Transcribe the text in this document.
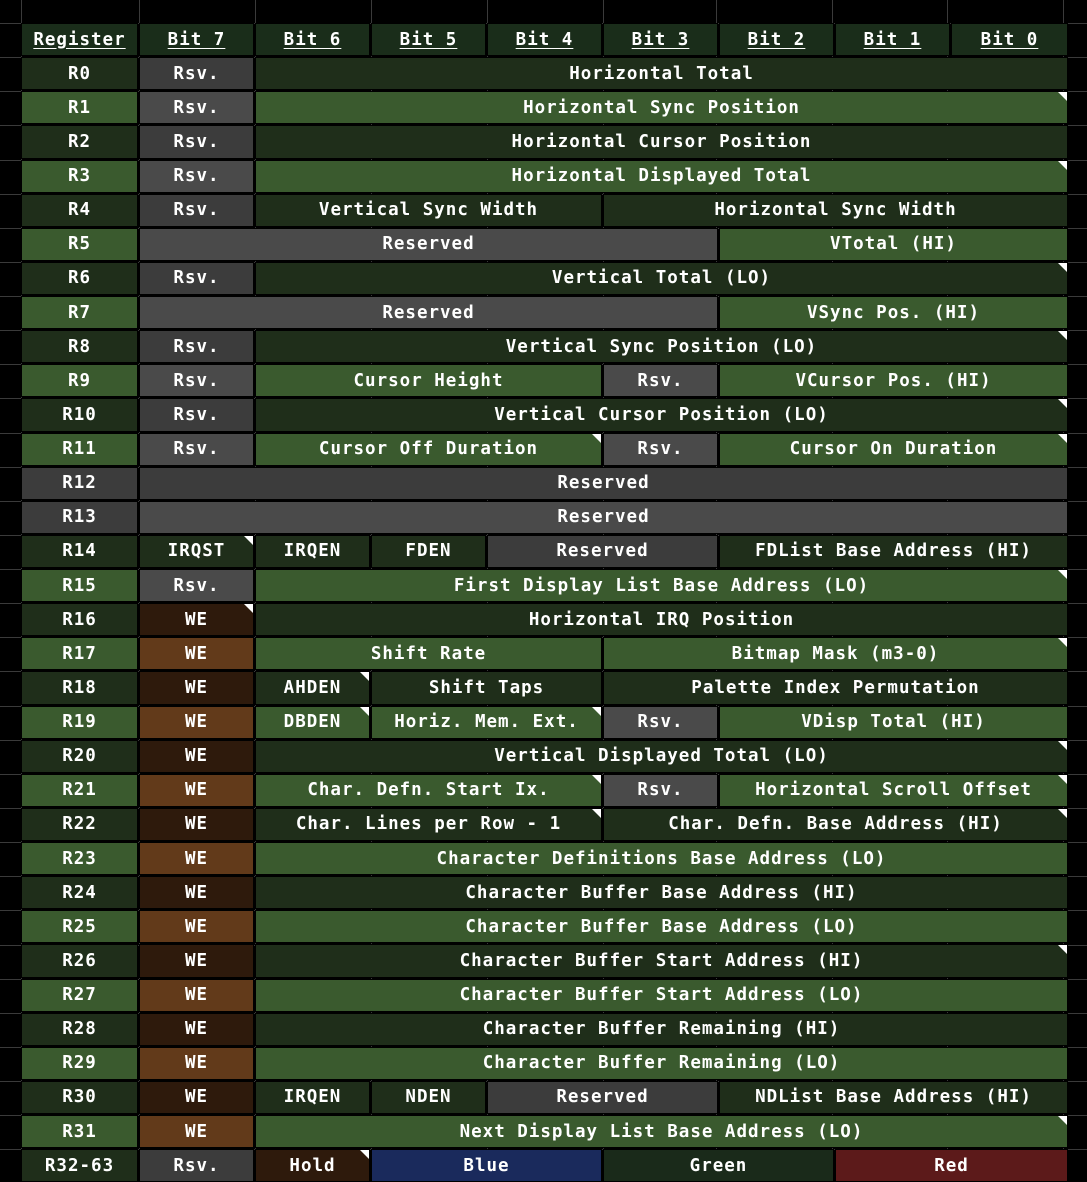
Register	Bit 7	Bit 6	Bit 5	Bit 4	Bit 3	Bit 2	Bit 1	Bit 0
R0	Rsv.	Horizontal Total
R1	Rsv.	Horizontal Sync Position
R2	Rsv.	Horizontal Cursor Position
R3	Rsv.	Horizontal Displayed Total
R4	Rsv.	Vertical Sync Width	Horizontal Sync Width
R5	Reserved	VTotal (HI)
R6	Rsv.	Vertical Total (LO)
R7	Reserved	VSync Pos. (HI)
R8	Rsv.	Vertical Sync Position (LO)
R9	Rsv.	Cursor Height	Rsv.	VCursor Pos. (HI)
R10	Rsv.	Vertical Cursor Position (LO)
R11	Rsv.	Cursor Off Duration	Rsv.	Cursor On Duration
R12	Reserved
R13	Reserved
R14	IRQST	IRQEN	FDEN	Reserved	FDList Base Address (HI)
R15	Rsv.	First Display List Base Address (LO)
R16	WE	Horizontal IRQ Position
R17	WE	Shift Rate	Bitmap Mask (m3-0)
R18	WE	AHDEN	Shift Taps	Palette Index Permutation
R19	WE	DBDEN	Horiz. Mem. Ext.	Rsv.	VDisp Total (HI)
R20	WE	Vertical Displayed Total (LO)
R21	WE	Char. Defn. Start Ix.	Rsv.	Horizontal Scroll Offset
R22	WE	Char. Lines per Row - 1	Char. Defn. Base Address (HI)
R23	WE	Character Definitions Base Address (LO)
R24	WE	Character Buffer Base Address (HI)
R25	WE	Character Buffer Base Address (LO)
R26	WE	Character Buffer Start Address (HI)
R27	WE	Character Buffer Start Address (LO)
R28	WE	Character Buffer Remaining (HI)
R29	WE	Character Buffer Remaining (LO)
R30	WE	IRQEN	NDEN	Reserved	NDList Base Address (HI)
R31	WE	Next Display List Base Address (LO)
R32-63	Rsv.	Hold	Blue	Green	Red
